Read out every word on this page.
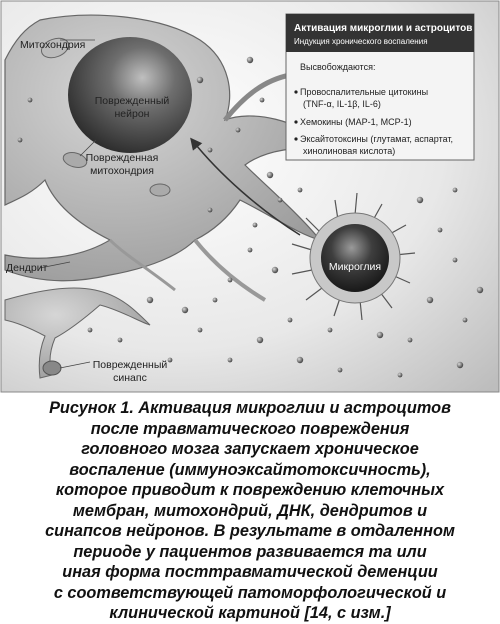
Митохондрия
Поврежденный
нейрон
Поврежденная
митохондрия
Дендрит	Микроглия
Поврежденный
синапс
Активация микроглии и астроцитов
Индукция хронического воспаления
Высвобождаются:
Провоспалительные цитокины
(TNF-α, IL-1β, IL-6)
Хемокины (MAP-1, MCP-1)
Эксайтотоксины (глутамат, аспартат,
хинолиновая кислота)
Рисунок 1. Активация микроглии и астроцитов
после травматического повреждения
головного мозга запускает хроническое
воспаление (иммуноэксайтотоксичность),
которое приводит к повреждению клеточных
мембран, митохондрий, ДНК, дендритов и
синапсов нейронов. В результате в отдаленном
периоде у пациентов развивается та или
иная форма посттравматической деменции
с соответствующей патоморфологической и
клинической картиной [14, с изм.]
